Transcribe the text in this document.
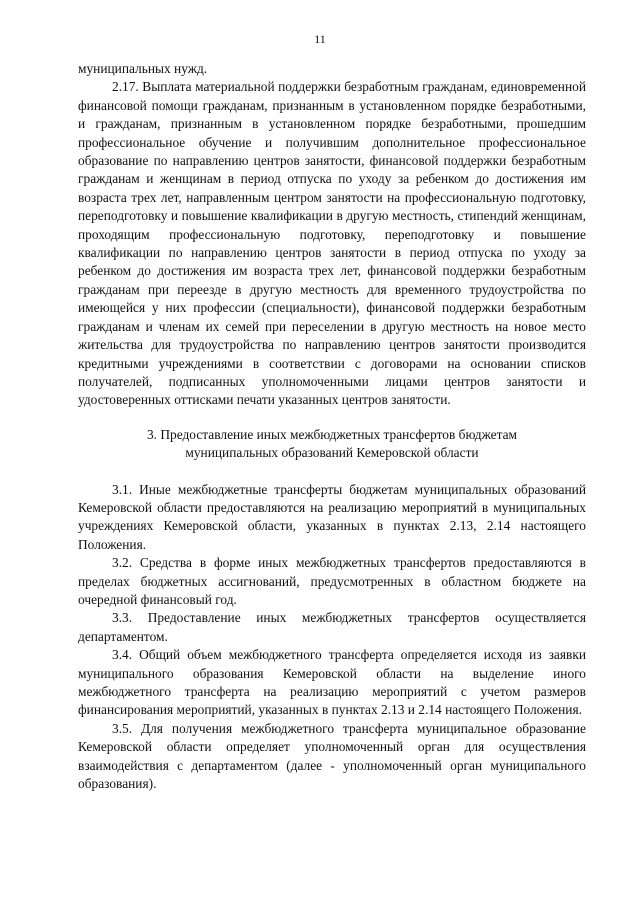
11

муниципальных нужд.

2.17. Выплата материальной поддержки безработным гражданам, единовременной финансовой помощи гражданам, признанным в установленном порядке безработными, и гражданам, признанным в установленном порядке безработными, прошедшим профессиональное обучение и получившим дополнительное профессиональное образование по направлению центров занятости, финансовой поддержки безработным гражданам и женщинам в период отпуска по уходу за ребенком до достижения им возраста трех лет, направленным центром занятости на профессиональную подготовку, переподготовку и повышение квалификации в другую местность, стипендий женщинам, проходящим профессиональную подготовку, переподготовку и повышение квалификации по направлению центров занятости в период отпуска по уходу за ребенком до достижения им возраста трех лет, финансовой поддержки безработным гражданам при переезде в другую местность для временного трудоустройства по имеющейся у них профессии (специальности), финансовой поддержки безработным гражданам и членам их семей при переселении в другую местность на новое место жительства для трудоустройства по направлению центров занятости производится кредитными учреждениями в соответствии с договорами на основании списков получателей, подписанных уполномоченными лицами центров занятости и удостоверенных оттисками печати указанных центров занятости.

3. Предоставление иных межбюджетных трансфертов бюджетам

муниципальных образований Кемеровской области

3.1. Иные межбюджетные трансферты бюджетам муниципальных образований Кемеровской области предоставляются на реализацию мероприятий в муниципальных учреждениях Кемеровской области, указанных в пунктах 2.13, 2.14 настоящего Положения.

3.2. Средства в форме иных межбюджетных трансфертов предоставляются в пределах бюджетных ассигнований, предусмотренных в областном бюджете на очередной финансовый год.

3.3. Предоставление иных межбюджетных трансфертов осуществляется департаментом.

3.4. Общий объем межбюджетного трансферта определяется исходя из заявки муниципального образования Кемеровской области на выделение иного межбюджетного трансферта на реализацию мероприятий с учетом размеров финансирования мероприятий, указанных в пунктах 2.13 и 2.14 настоящего Положения.

3.5. Для получения межбюджетного трансферта муниципальное образование Кемеровской области определяет уполномоченный орган для осуществления взаимодействия с департаментом (далее - уполномоченный орган муниципального образования).
